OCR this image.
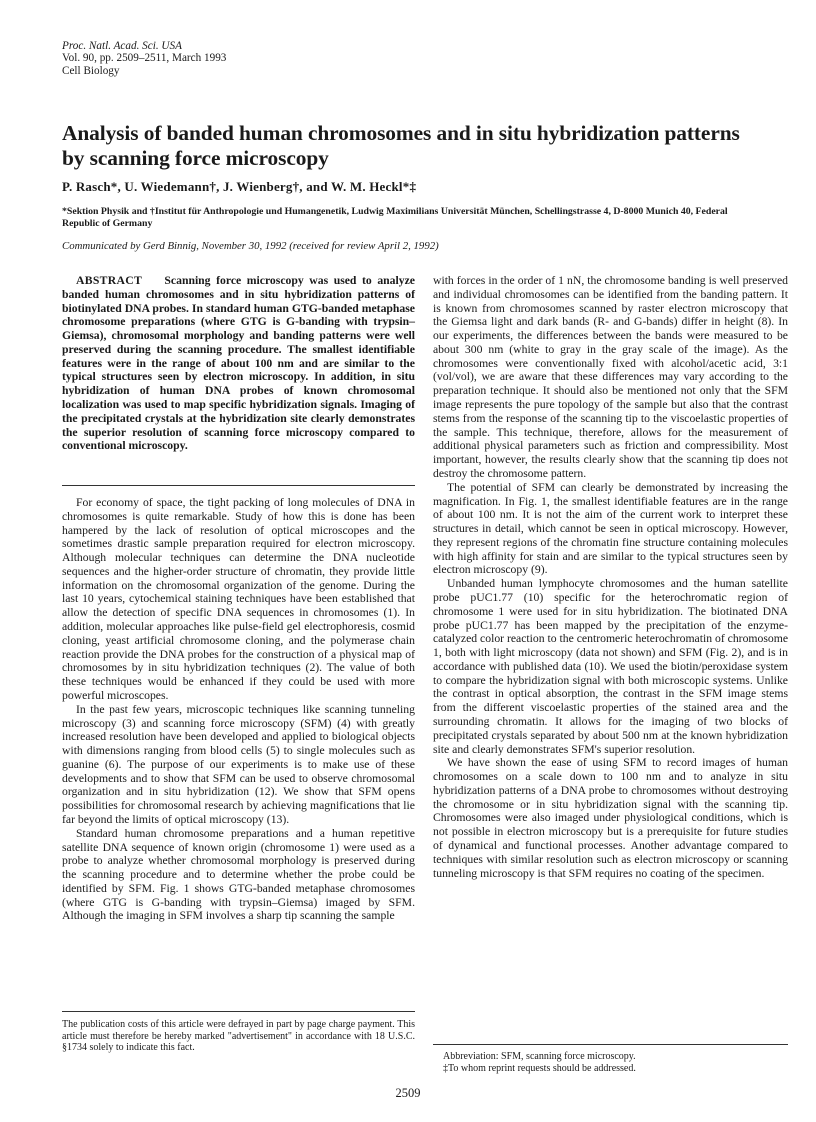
Proc. Natl. Acad. Sci. USA
Vol. 90, pp. 2509–2511, March 1993
Cell Biology
Analysis of banded human chromosomes and in situ hybridization patterns by scanning force microscopy
P. Rasch*, U. Wiedemann†, J. Wienberg†, and W. M. Heckl*‡
*Sektion Physik and †Institut für Anthropologie und Humangenetik, Ludwig Maximilians Universität München, Schellingstrasse 4, D-8000 Munich 40, Federal Republic of Germany
Communicated by Gerd Binnig, November 30, 1992 (received for review April 2, 1992)

ABSTRACT Scanning force microscopy was used to analyze banded human chromosomes and in situ hybridization patterns of biotinylated DNA probes. In standard human GTG-banded metaphase chromosome preparations (where GTG is G-banding with trypsin–Giemsa), chromosomal morphology and banding patterns were well preserved during the scanning procedure. The smallest identifiable features were in the range of about 100 nm and are similar to the typical structures seen by electron microscopy. In addition, in situ hybridization of human DNA probes of known chromosomal localization was used to map specific hybridization signals. Imaging of the precipitated crystals at the hybridization site clearly demonstrates the superior resolution of scanning force microscopy compared to conventional microscopy.

For economy of space, the tight packing of long molecules of DNA in chromosomes is quite remarkable. Study of how this is done has been hampered by the lack of resolution of optical microscopes and the sometimes drastic sample preparation required for electron microscopy. Although molecular techniques can determine the DNA nucleotide sequences and the higher-order structure of chromatin, they provide little information on the chromosomal organization of the genome. During the last 10 years, cytochemical staining techniques have been established that allow the detection of specific DNA sequences in chromosomes (1). In addition, molecular approaches like pulse-field gel electrophoresis, cosmid cloning, yeast artificial chromosome cloning, and the polymerase chain reaction provide the DNA probes for the construction of a physical map of chromosomes by in situ hybridization techniques (2). The value of both these techniques would be enhanced if they could be used with more powerful microscopes.

In the past few years, microscopic techniques like scanning tunneling microscopy (3) and scanning force microscopy (SFM) (4) with greatly increased resolution have been developed and applied to biological objects with dimensions ranging from blood cells (5) to single molecules such as guanine (6). The purpose of our experiments is to make use of these developments and to show that SFM can be used to observe chromosomal organization and in situ hybridization (12). We show that SFM opens possibilities for chromosomal research by achieving magnifications that lie far beyond the limits of optical microscopy (13).

Standard human chromosome preparations and a human repetitive satellite DNA sequence of known origin (chromosome 1) were used as a probe to analyze whether chromosomal morphology is preserved during the scanning procedure and to determine whether the probe could be identified by SFM. Fig. 1 shows GTG-banded metaphase chromosomes (where GTG is G-banding with trypsin–Giemsa) imaged by SFM. Although the imaging in SFM involves a sharp tip scanning the sample

with forces in the order of 1 nN, the chromosome banding is well preserved and individual chromosomes can be identified from the banding pattern. It is known from chromosomes scanned by raster electron microscopy that the Giemsa light and dark bands (R- and G-bands) differ in height (8). In our experiments, the differences between the bands were measured to be about 300 nm (white to gray in the gray scale of the image). As the chromosomes were conventionally fixed with alcohol/acetic acid, 3:1 (vol/vol), we are aware that these differences may vary according to the preparation technique. It should also be mentioned not only that the SFM image represents the pure topology of the sample but also that the contrast stems from the response of the scanning tip to the viscoelastic properties of the sample. This technique, therefore, allows for the measurement of additional physical parameters such as friction and compressibility. Most important, however, the results clearly show that the scanning tip does not destroy the chromosome pattern.

The potential of SFM can clearly be demonstrated by increasing the magnification. In Fig. 1, the smallest identifiable features are in the range of about 100 nm. It is not the aim of the current work to interpret these structures in detail, which cannot be seen in optical microscopy. However, they represent regions of the chromatin fine structure containing molecules with high affinity for stain and are similar to the typical structures seen by electron microscopy (9).

Unbanded human lymphocyte chromosomes and the human satellite probe pUC1.77 (10) specific for the heterochromatic region of chromosome 1 were used for in situ hybridization. The biotinated DNA probe pUC1.77 has been mapped by the precipitation of the enzyme-catalyzed color reaction to the centromeric heterochromatin of chromosome 1, both with light microscopy (data not shown) and SFM (Fig. 2), and is in accordance with published data (10). We used the biotin/peroxidase system to compare the hybridization signal with both microscopic systems. Unlike the contrast in optical absorption, the contrast in the SFM image stems from the different viscoelastic properties of the stained area and the surrounding chromatin. It allows for the imaging of two blocks of precipitated crystals separated by about 500 nm at the known hybridization site and clearly demonstrates SFM's superior resolution.

We have shown the ease of using SFM to record images of human chromosomes on a scale down to 100 nm and to analyze in situ hybridization patterns of a DNA probe to chromosomes without destroying the chromosome or in situ hybridization signal with the scanning tip. Chromosomes were also imaged under physiological conditions, which is not possible in electron microscopy but is a prerequisite for future studies of dynamical and functional processes. Another advantage compared to techniques with similar resolution such as electron microscopy or scanning tunneling microscopy is that SFM requires no coating of the specimen.

The publication costs of this article were defrayed in part by page charge payment. This article must therefore be hereby marked "advertisement" in accordance with 18 U.S.C. §1734 solely to indicate this fact.

Abbreviation: SFM, scanning force microscopy.

‡To whom reprint requests should be addressed.

2509
